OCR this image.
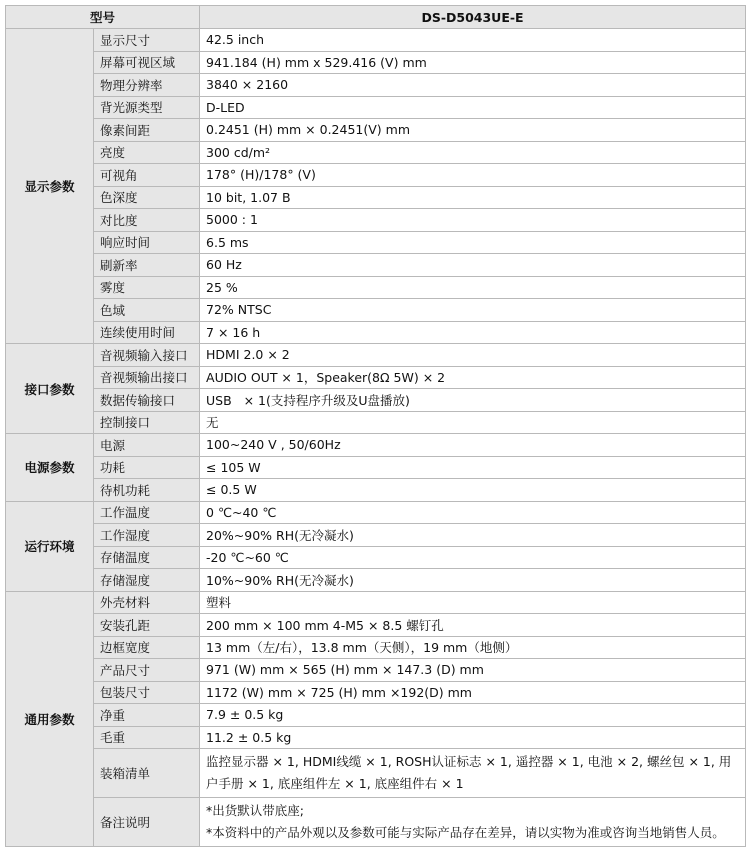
型号		DS-D5043UE-E
显示参数	显示尺寸	42.5 inch
	屏幕可视区域	941.184 (H) mm x 529.416 (V) mm
	物理分辨率	3840 × 2160
	背光源类型	D-LED
	像素间距	0.2451 (H) mm × 0.2451(V) mm
	亮度	300 cd/m²
	可视角	178° (H)/178° (V)
	色深度	10 bit, 1.07 B
	对比度	5000 : 1
	响应时间	6.5 ms
	刷新率	60 Hz
	雾度	25 %
	色域	72% NTSC
	连续使用时间	7 × 16 h
接口参数	音视频输入接口	HDMI 2.0 × 2
	音视频输出接口	AUDIO OUT × 1，Speaker(8Ω 5W) × 2
	数据传输接口	USB   × 1(支持程序升级及U盘播放)
	控制接口	无
电源参数	电源	100~240 V , 50/60Hz
	功耗	≤ 105 W
	待机功耗	≤ 0.5 W
运行环境	工作温度	0 ℃~40 ℃
	工作湿度	20%~90% RH(无冷凝水)
	存储温度	-20 ℃~60 ℃
	存储湿度	10%~90% RH(无冷凝水)
通用参数	外壳材料	塑料
	安装孔距	200 mm × 100 mm 4-M5 × 8.5 螺钉孔
	边框宽度	13 mm（左/右），13.8 mm（天侧），19 mm（地侧）
	产品尺寸	971 (W) mm × 565 (H) mm × 147.3 (D) mm
	包装尺寸	1172 (W) mm × 725 (H) mm ×192(D) mm
	净重	7.9 ± 0.5 kg
	毛重	11.2 ± 0.5 kg
	装箱清单	监控显示器 × 1, HDMI线缆 × 1, ROSH认证标志 × 1, 遥控器 × 1, 电池 × 2, 螺丝包 × 1, 用户手册 × 1, 底座组件左 × 1, 底座组件右 × 1
	备注说明	*出货默认带底座;
*本资料中的产品外观以及参数可能与实际产品存在差异，请以实物为准或咨询当地销售人员。
